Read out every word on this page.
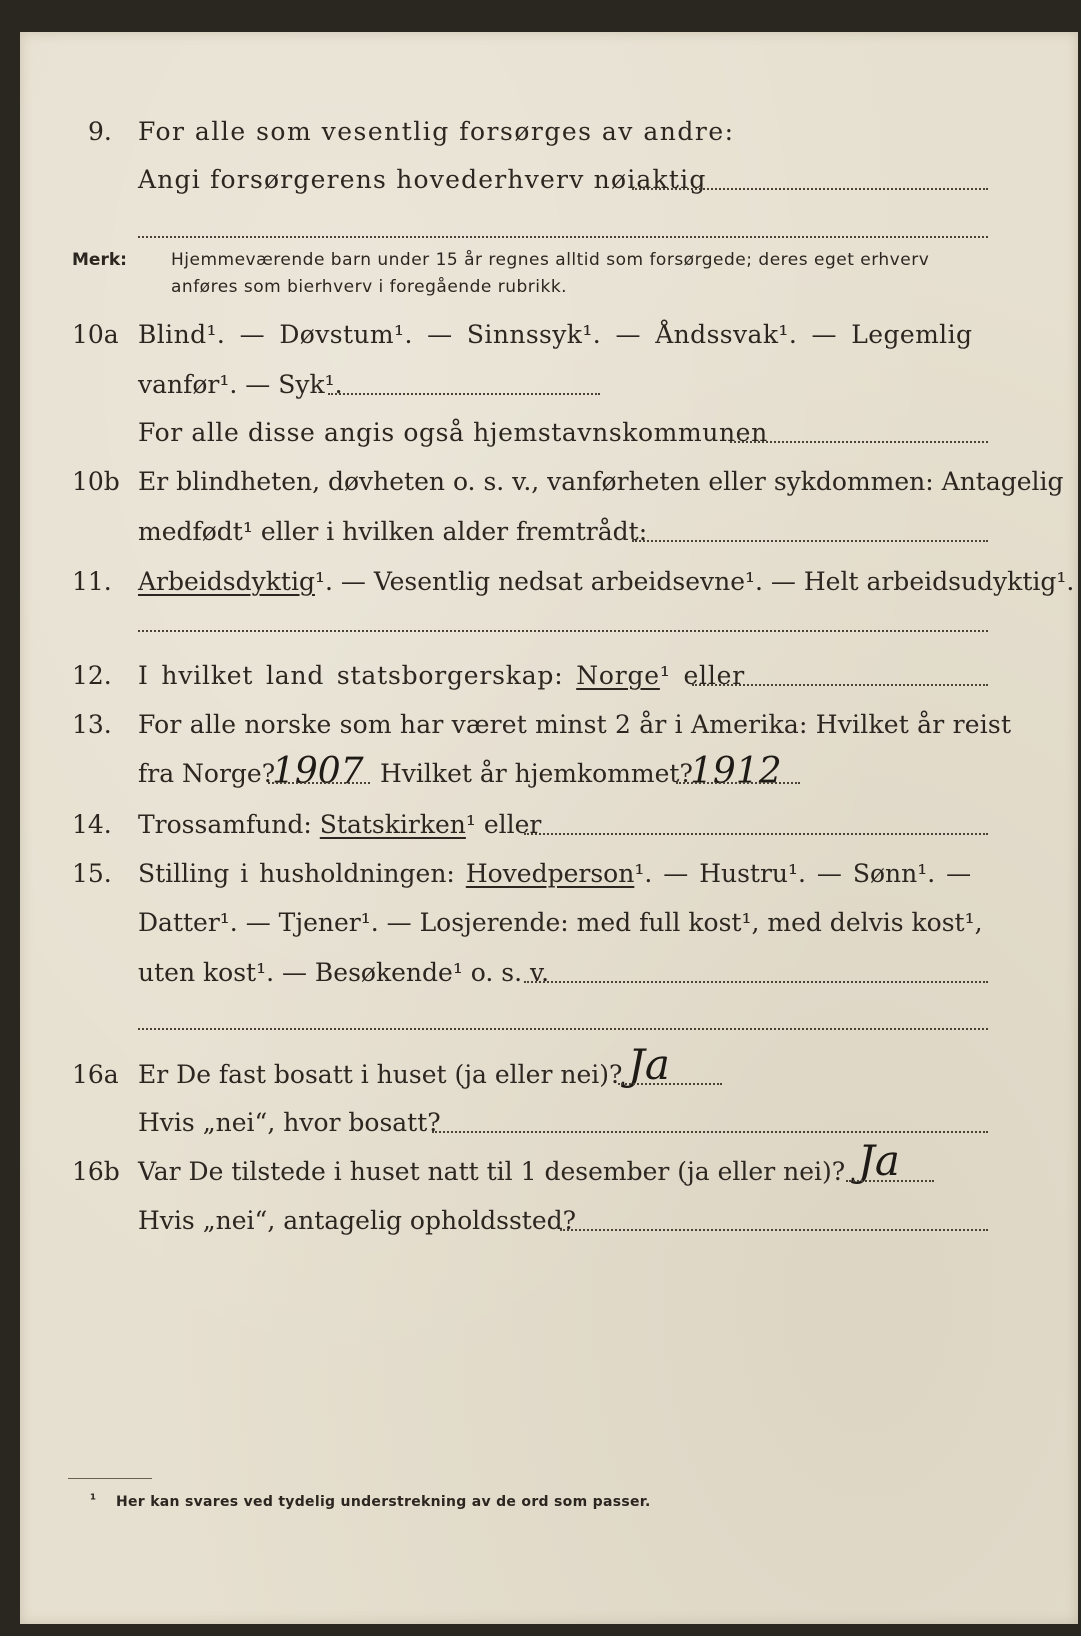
9. For alle som vesentlig forsørges av andre:
Angi forsørgerens hovederhverv nøiaktig
Merk:	Hjemmeværende barn under 15 år regnes alltid som forsørgede; deres eget erhverv
anføres som bierhverv i foregående rubrikk.
10a Blind¹. — Døvstum¹. — Sinnssyk¹. — Åndssvak¹. — Legemlig
vanfør¹. — Syk¹.
For alle disse angis også hjemstavnskommunen
10b Er blindheten, døvheten o. s. v., vanførheten eller sykdommen: Antagelig
medfødt¹ eller i hvilken alder fremtrådt:
11. Arbeidsdyktig¹. — Vesentlig nedsat arbeidsevne¹. — Helt arbeidsudyktig¹.
12. I hvilket land statsborgerskap: Norge¹ eller
13. For alle norske som har været minst 2 år i Amerika: Hvilket år reist
fra Norge?
1907 Hvilket år hjemkommet?
1912
14. Trossamfund: Statskirken¹ eller
15. Stilling i husholdningen: Hovedperson¹. — Hustru¹. — Sønn¹. —
Datter¹. — Tjener¹. — Losjerende: med full kost¹, med delvis kost¹,
uten kost¹. — Besøkende¹ o. s. v.
16a Er De fast bosatt i huset (ja eller nei)? Ja
Hvis „nei“, hvor bosatt?
16b Var De tilstede i huset natt til 1 desember (ja eller nei)? Ja
Hvis „nei“, antagelig opholdssted?
¹ Her kan svares ved tydelig understrekning av de ord som passer.
